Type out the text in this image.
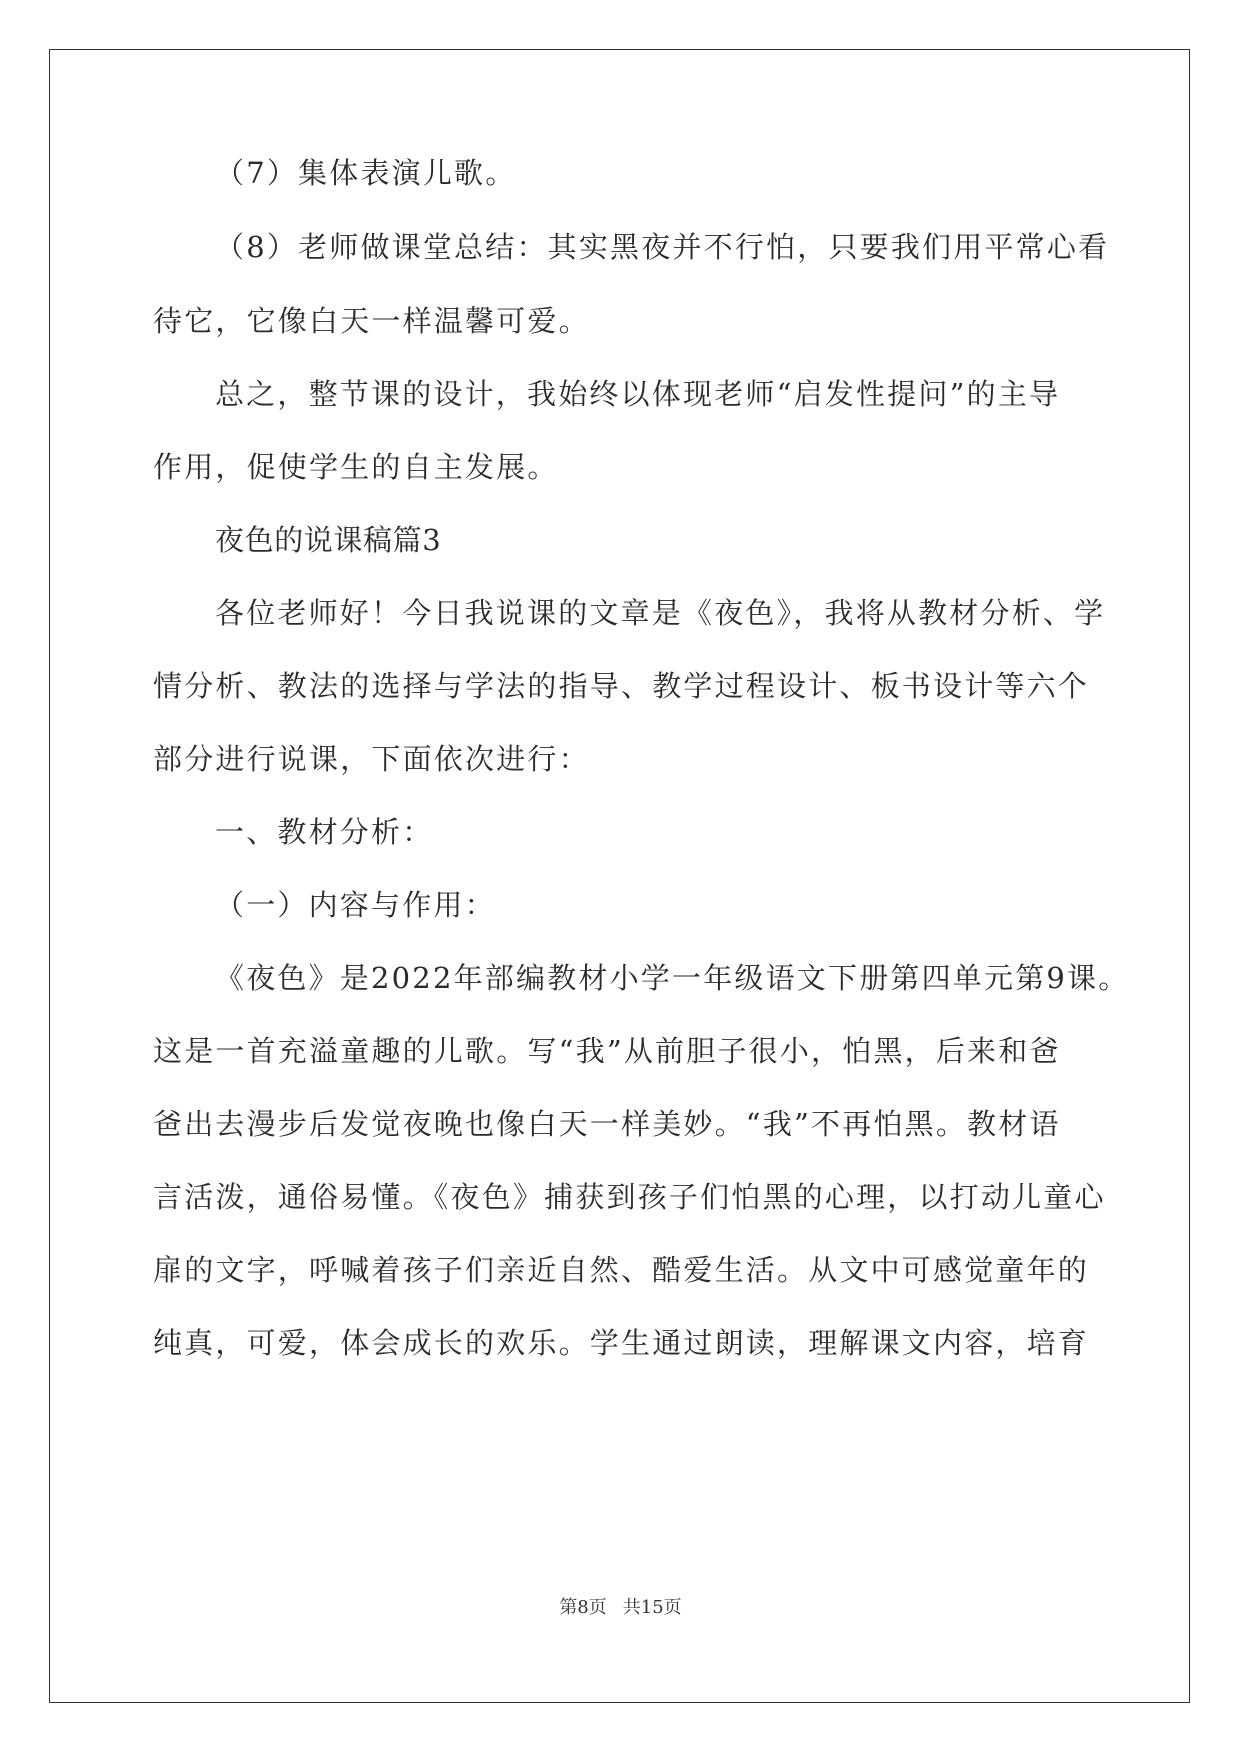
（7）集体表演儿歌。
（8）老师做课堂总结：其实黑夜并不行怕，只要我们用平常心看
待它，它像白天一样温馨可爱。
总之，整节课的设计，我始终以体现老师“启发性提问”的主导
作用，促使学生的自主发展。
夜色的说课稿篇3
各位老师好！今日我说课的文章是《夜色》，我将从教材分析、学
情分析、教法的选择与学法的指导、教学过程设计、板书设计等六个
部分进行说课，下面依次进行：
一、教材分析：
（一）内容与作用：
《夜色》是2022年部编教材小学一年级语文下册第四单元第9课。
这是一首充溢童趣的儿歌。写“我”从前胆子很小，怕黑，后来和爸
爸出去漫步后发觉夜晚也像白天一样美妙。“我”不再怕黑。教材语
言活泼，通俗易懂。《夜色》捕获到孩子们怕黑的心理，以打动儿童心
扉的文字，呼喊着孩子们亲近自然、酷爱生活。从文中可感觉童年的
纯真，可爱，体会成长的欢乐。学生通过朗读，理解课文内容，培育
第8页 共15页
